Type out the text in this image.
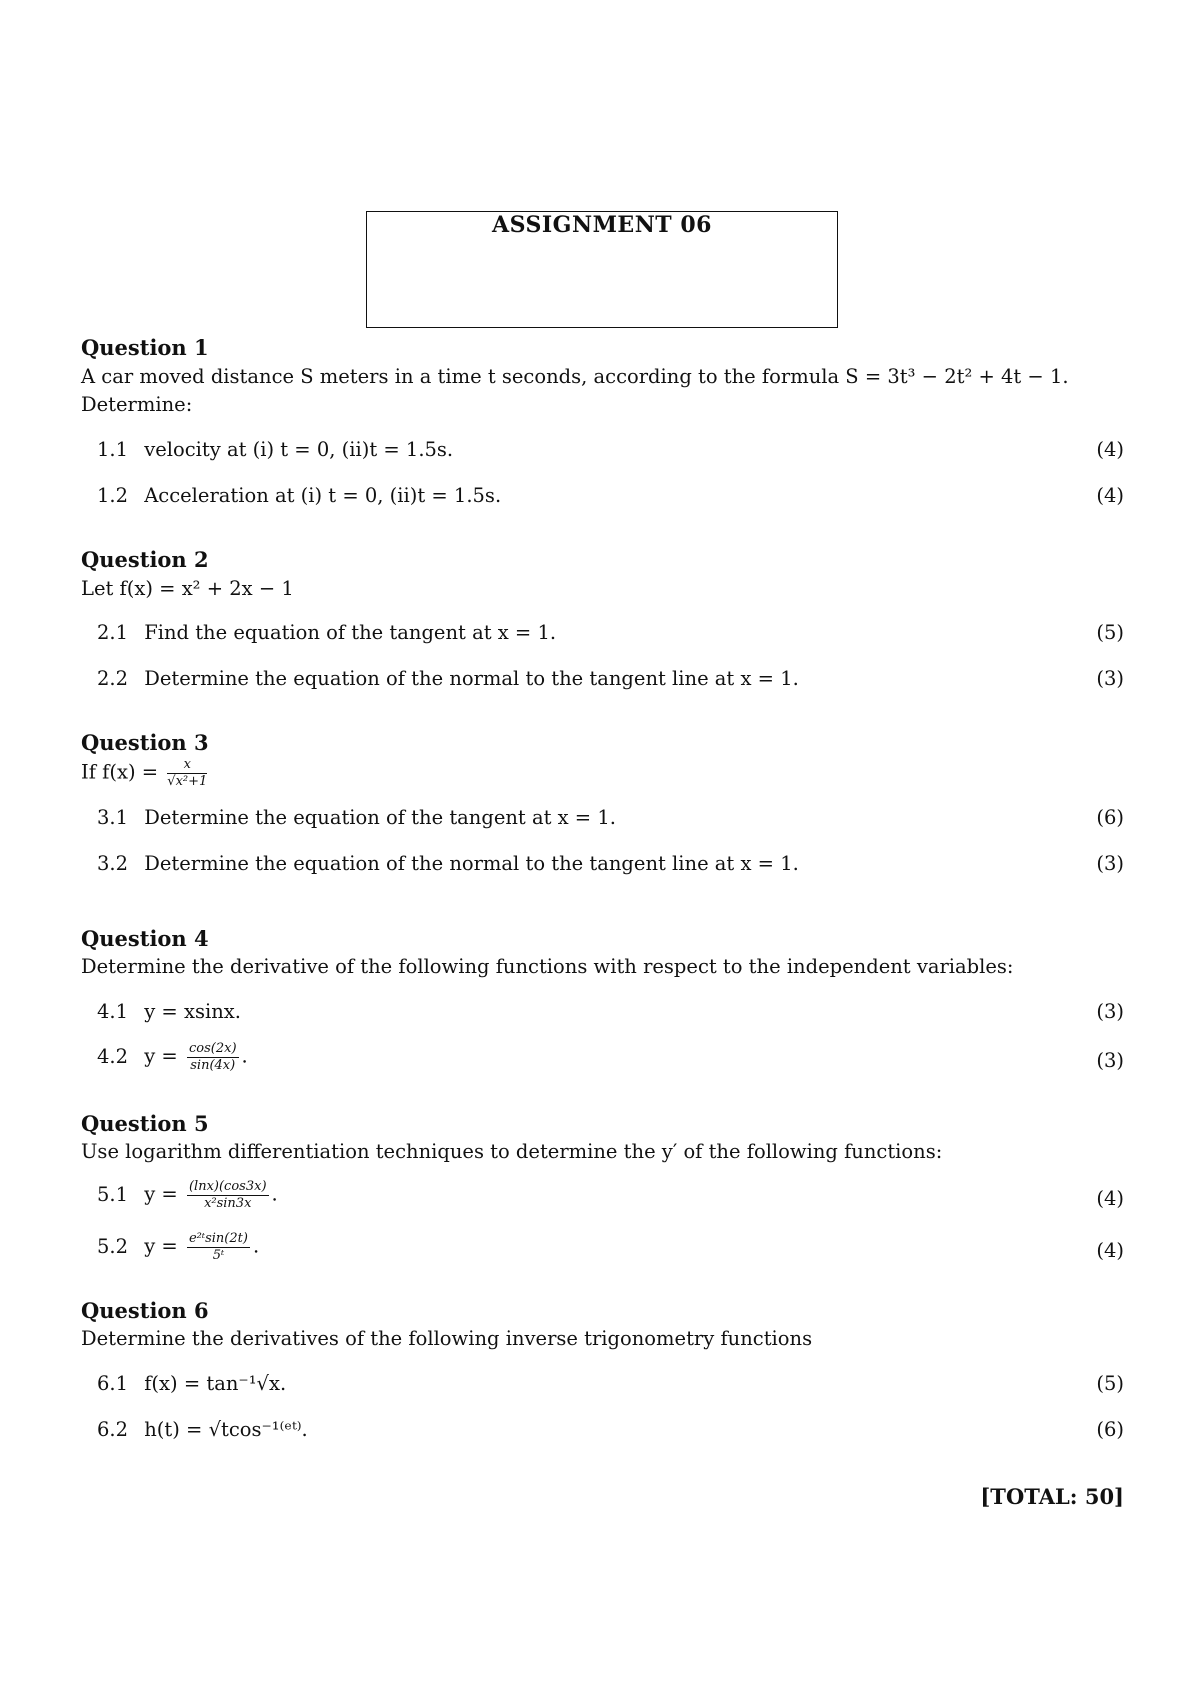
ASSIGNMENT 06
Question 1
A car moved distance S meters in a time t seconds, according to the formula S = 3t³ − 2t² + 4t − 1.
Determine:
1.1 velocity at (i) t = 0, (ii)t = 1.5s.	(4)
1.2 Acceleration at (i) t = 0, (ii)t = 1.5s.	(4)
Question 2
Let f(x) = x² + 2x − 1
2.1 Find the equation of the tangent at x = 1.	(5)
2.2 Determine the equation of the normal to the tangent line at x = 1.	(3)
Question 3
If $f(x) = \frac{x}{\text{√x²+1}}$
3.1 Determine the equation of the tangent at x = 1.	(6)
3.2 Determine the equation of the normal to the tangent line at x = 1.	(3)
Question 4
Determine the derivative of the following functions with respect to the independent variables:
4.1 y = xsinx.	(3)
4.2 $y = \frac{\cos(2x)}{\sin(4x)}$ .	(3)
Question 5
Use logarithm differentiation techniques to determine the y′ of the following functions:
5.1 $y = \frac{(\ln x)(\cos 3x)}{\text{x²sin3x}}$ .	(4)
5.2 $y = \frac{\text{e²ᵗsin(2t)}}{\text{5ᵗ}}$ .	(4)
Question 6
Determine the derivatives of the following inverse trigonometry functions
6.1 f(x) = tan⁻¹√x.	(5)
6.2 h(t) = √tcos⁻¹⁽ᵉᵗ⁾.	(6)
[TOTAL: 50]
